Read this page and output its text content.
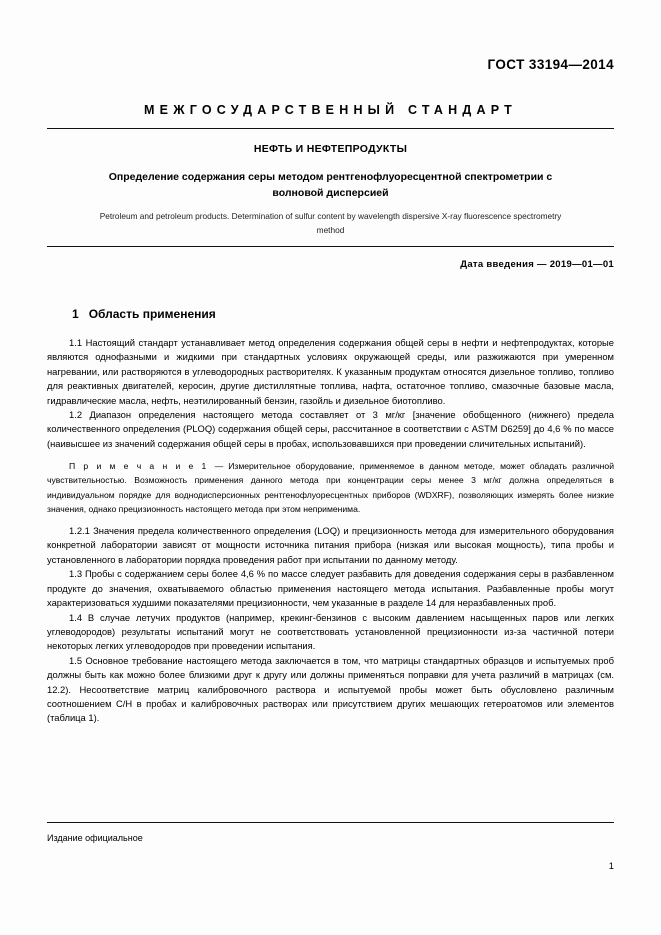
ГОСТ 33194—2014
МЕЖГОСУДАРСТВЕННЫЙ СТАНДАРТ
НЕФТЬ И НЕФТЕПРОДУКТЫ
Определение содержания серы методом рентгенофлуоресцентной спектрометрии с волновой дисперсией
Petroleum and petroleum products. Determination of sulfur content by wavelength dispersive X-ray fluorescence spectrometry method
Дата введения — 2019—01—01
1 Область применения

1.1 Настоящий стандарт устанавливает метод определения содержания общей серы в нефти и нефтепродуктах, которые являются однофазными и жидкими при стандартных условиях окружающей среды, или разжижаются при умеренном нагревании, или растворяются в углеводородных растворителях. К указанным продуктам относятся дизельное топливо, топливо для реактивных двигателей, керосин, другие дистиллятные топлива, нафта, остаточное топливо, смазочные базовые масла, гидравлические масла, нефть, неэтилированный бензин, газойль и дизельное биотопливо.

1.2 Диапазон определения настоящего метода составляет от 3 мг/кг [значение обобщенного (нижнего) предела количественного определения (PLOQ) содержания общей серы, рассчитанное в соответствии с ASTM D6259] до 4,6 % по массе (наивысшее из значений содержания общей серы в пробах, использовавшихся при проведении сличительных испытаний).

П р и м е ч а н и е 1 — Измерительное оборудование, применяемое в данном методе, может обладать различной чувствительностью. Возможность применения данного метода при концентрации серы менее 3 мг/кг должна определяться в индивидуальном порядке для воднодисперсионных рентгенофлуоресцентных приборов (WDXRF), позволяющих измерять более низкие значения, однако прецизионность настоящего метода при этом неприменима.

1.2.1 Значения предела количественного определения (LOQ) и прецизионность метода для измерительного оборудования конкретной лаборатории зависят от мощности источника питания прибора (низкая или высокая мощность), типа пробы и установленного в лаборатории порядка проведения работ при испытании по данному методу.

1.3 Пробы с содержанием серы более 4,6 % по массе следует разбавить для доведения содержания серы в разбавленном продукте до значения, охватываемого областью применения настоящего метода испытания. Разбавленные пробы могут характеризоваться худшими показателями прецизионности, чем указанные в разделе 14 для неразбавленных проб.

1.4 В случае летучих продуктов (например, крекинг-бензинов с высоким давлением насыщенных паров или легких углеводородов) результаты испытаний могут не соответствовать установленной прецизионности из-за частичной потери некоторых легких углеводородов при проведении испытания.

1.5 Основное требование настоящего метода заключается в том, что матрицы стандартных образцов и испытуемых проб должны быть как можно более близкими друг к другу или должны применяться поправки для учета различий в матрицах (см. 12.2). Несоответствие матриц калибровочного раствора и испытуемой пробы может быть обусловлено различным соотношением С/Н в пробах и калибровочных растворах или присутствием других мешающих гетероатомов или элементов (таблица 1).

Издание официальное
1
